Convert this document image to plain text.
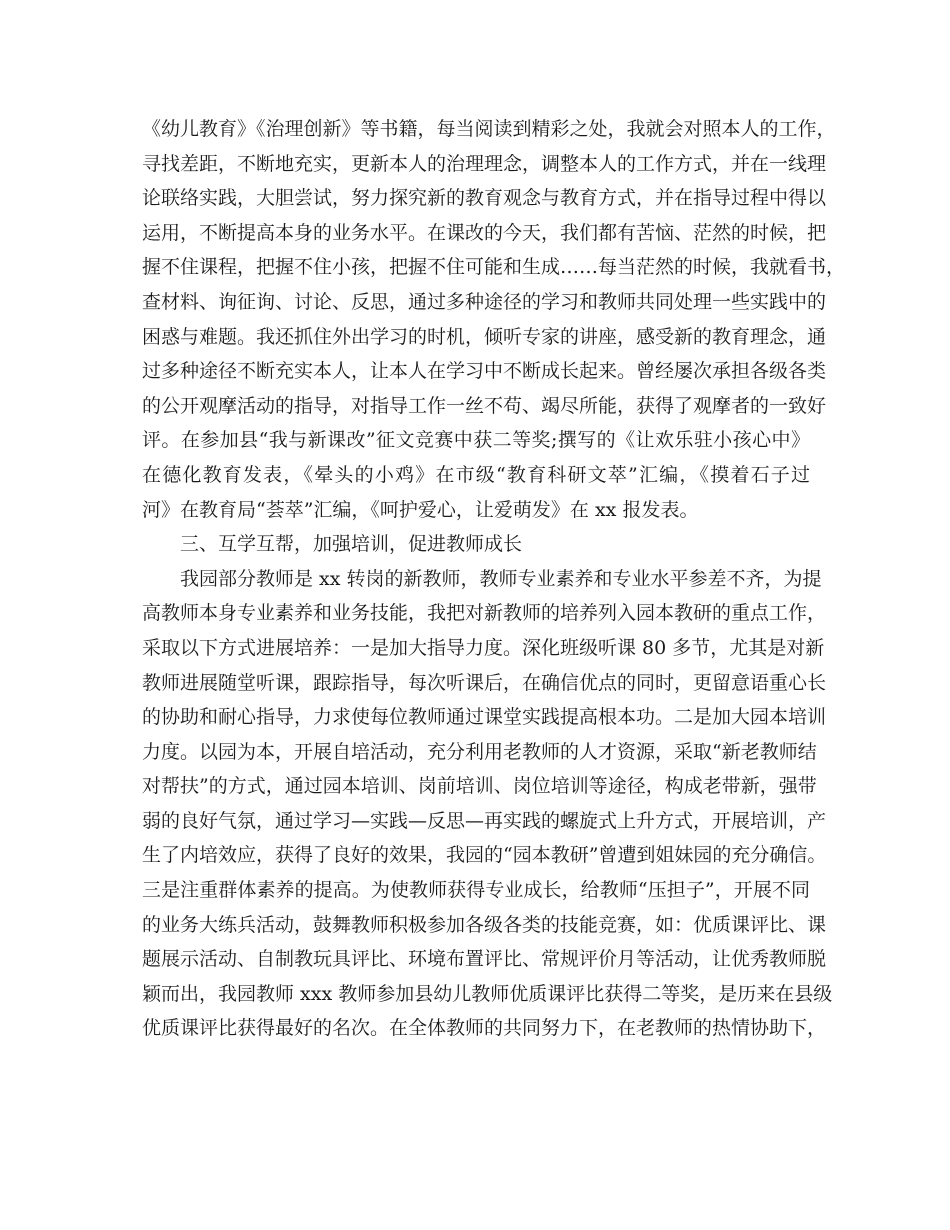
《幼儿教育》《治理创新》等书籍，每当阅读到精彩之处，我就会对照本人的工作，
寻找差距，不断地充实，更新本人的治理理念，调整本人的工作方式，并在一线理
论联络实践，大胆尝试，努力探究新的教育观念与教育方式，并在指导过程中得以
运用，不断提高本身的业务水平。在课改的今天，我们都有苦恼、茫然的时候，把
握不住课程，把握不住小孩，把握不住可能和生成……每当茫然的时候，我就看书，
查材料、询征询、讨论、反思，通过多种途径的学习和教师共同处理一些实践中的
困惑与难题。我还抓住外出学习的时机，倾听专家的讲座，感受新的教育理念，通
过多种途径不断充实本人，让本人在学习中不断成长起来。曾经屡次承担各级各类
的公开观摩活动的指导，对指导工作一丝不苟、竭尽所能，获得了观摩者的一致好
评。在参加县“我与新课改”征文竞赛中获二等奖;撰写的《让欢乐驻小孩心中》
在德化教育发表，《晕头的小鸡》在市级“教育科研文萃”汇编，《摸着石子过
河》在教育局“荟萃”汇编，《呵护爱心，让爱萌发》在 xx 报发表。
三、互学互帮，加强培训，促进教师成长
我园部分教师是 xx 转岗的新教师，教师专业素养和专业水平参差不齐，为提
高教师本身专业素养和业务技能，我把对新教师的培养列入园本教研的重点工作，
采取以下方式进展培养：一是加大指导力度。深化班级听课 80 多节，尤其是对新
教师进展随堂听课，跟踪指导，每次听课后，在确信优点的同时，更留意语重心长
的协助和耐心指导，力求使每位教师通过课堂实践提高根本功。二是加大园本培训
力度。以园为本，开展自培活动，充分利用老教师的人才资源，采取“新老教师结
对帮扶”的方式，通过园本培训、岗前培训、岗位培训等途径，构成老带新，强带
弱的良好气氛，通过学习—实践—反思—再实践的螺旋式上升方式，开展培训，产
生了内培效应，获得了良好的效果，我园的“园本教研”曾遭到姐妹园的充分确信。
三是注重群体素养的提高。为使教师获得专业成长，给教师“压担子”，开展不同
的业务大练兵活动，鼓舞教师积极参加各级各类的技能竞赛，如：优质课评比、课
题展示活动、自制教玩具评比、环境布置评比、常规评价月等活动，让优秀教师脱
颖而出，我园教师 xxx 教师参加县幼儿教师优质课评比获得二等奖，是历来在县级
优质课评比获得最好的名次。在全体教师的共同努力下，在老教师的热情协助下，
